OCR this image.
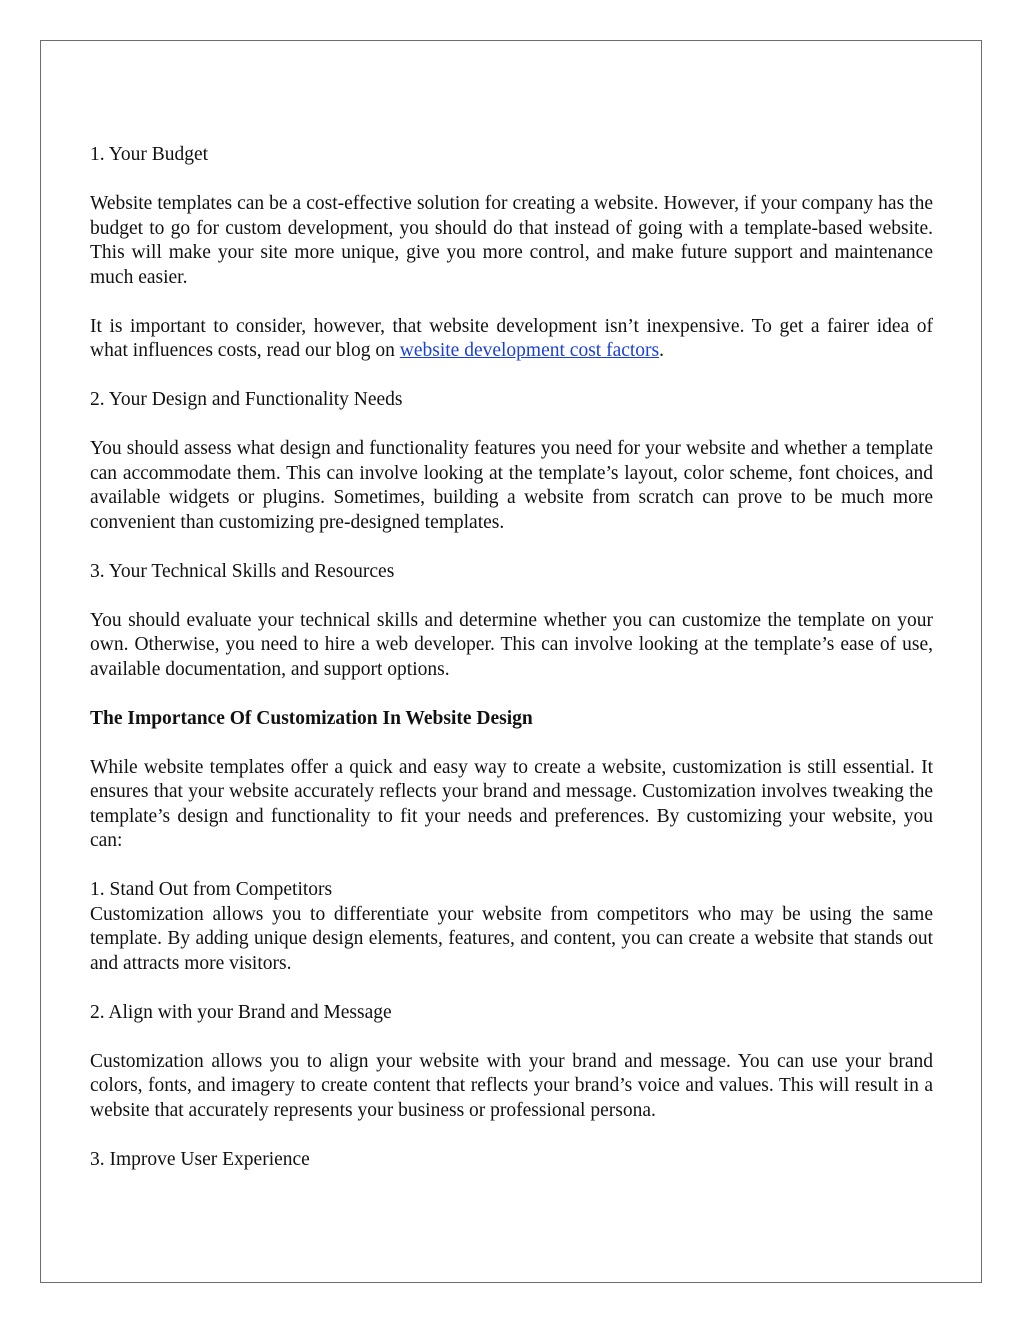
1. Your Budget

Website templates can be a cost-effective solution for creating a website. However, if your company has the budget to go for custom development, you should do that instead of going with a template-based website. This will make your site more unique, give you more control, and make future support and maintenance much easier.

It is important to consider, however, that website development isn’t inexpensive. To get a fairer idea of what influences costs, read our blog on website development cost factors.

2. Your Design and Functionality Needs

You should assess what design and functionality features you need for your website and whether a template can accommodate them. This can involve looking at the template’s layout, color scheme, font choices, and available widgets or plugins. Sometimes, building a website from scratch can prove to be much more convenient than customizing pre-designed templates.

3. Your Technical Skills and Resources

You should evaluate your technical skills and determine whether you can customize the template on your own. Otherwise, you need to hire a web developer. This can involve looking at the template’s ease of use, available documentation, and support options.

The Importance Of Customization In Website Design

While website templates offer a quick and easy way to create a website, customization is still essential. It ensures that your website accurately reflects your brand and message. Customization involves tweaking the template’s design and functionality to fit your needs and preferences. By customizing your website, you can:

1. Stand Out from Competitors

Customization allows you to differentiate your website from competitors who may be using the same template. By adding unique design elements, features, and content, you can create a website that stands out and attracts more visitors.

2. Align with your Brand and Message

Customization allows you to align your website with your brand and message. You can use your brand colors, fonts, and imagery to create content that reflects your brand’s voice and values. This will result in a website that accurately represents your business or professional persona.

3. Improve User Experience
